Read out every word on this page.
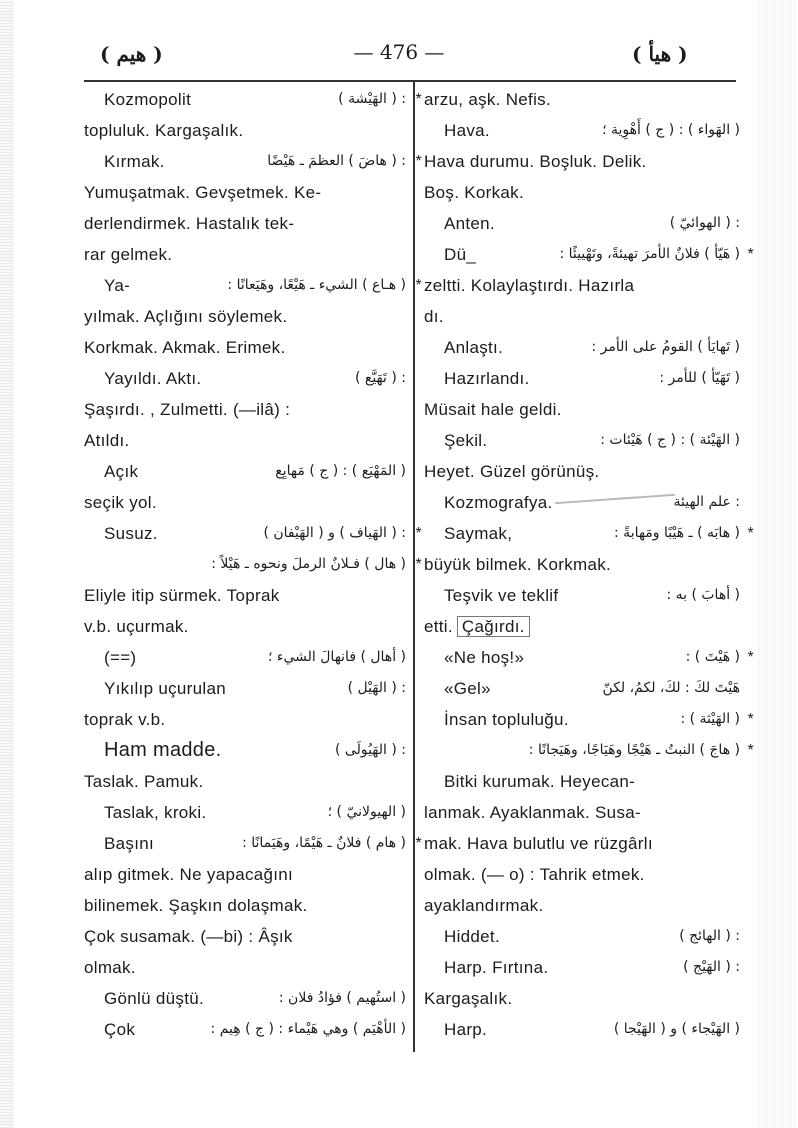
( هیم )	— 476 —	( هیأ )
Kozmopolit	: ( الهَيْشة ) *
topluluk. Kargaşalık.
Kırmak.	: ( هاضَ ) العظمَ ـ هَيْضًا *
Yumuşatmak. Gevşetmek. Ke-
derlendirmek. Hastalık tek-
rar gelmek.
Ya-	( هـاع ) الشيء ـ هَيْعًا، وهَيَعانًا : *
yılmak. Açlığını söylemek.
Korkmak. Akmak. Erimek.
Yayıldı. Aktı.	: ( تَهَيَّع )
Şaşırdı. , Zulmetti. (—ilâ) :
Atıldı.
Açık	( المَهْيَع ) : ( ج ) مَهايِع
seçik yol.
Susuz.	: ( الهَياف ) و ( الهَيْفان ) *
( هال ) فـلانٌ الرملَ ونحوه ـ هَيْلاً : *
Eliyle itip sürmek. Toprak
v.b. uçurmak.
(==)	( أهال ) فانهالَ الشيء ؛
Yıkılıp uçurulan	: ( الهَيْل )
toprak v.b.
Ham madde.	: ( الهَيُولَى )
Taslak. Pamuk.
Taslak, kroki.	( الهيولانيّ ) ؛
Başını	( هام ) فلانٌ ـ هَيْمًا، وهَيَمانًا : *
alıp gitmek. Ne yapacağını
bilinemek. Şaşkın dolaşmak.
Çok susamak. (—bi) : Âşık
olmak.
Gönlü düştü.	( استُهيم ) فؤادُ فلان :
Çok	( الأهْيَم ) وهي هَيْماء : ( ج ) هِيم :
arzu, aşk. Nefis.
Hava.	( الهَواء ) : ( ج ) أَهْوِية ؛
Hava durumu. Boşluk. Delik.
Boş. Korkak.
Anten.	: ( الهوائيّ )
Dü_	( هَيّأ ) فلانٌ الأمرَ تهيئةً، وتَهْييئًا : *
zeltti. Kolaylaştırdı. Hazırla
dı.
Anlaştı.	( تَهايَأ ) القومُ على الأمر :
Hazırlandı.	( تَهَيّأ ) للأمر :
Müsait hale geldi.
Şekil.	( الهَيْئة ) : ( ج ) هَيْئات :
Heyet. Güzel görünüş.
Kozmografya.	: علم الهيئة
Saymak,	( هابَه ) ـ هَيْبًا ومَهابةً : *
büyük bilmek. Korkmak.
Teşvik ve teklif	( أهابَ ) به :
etti. Çağırdı.
«Ne hoş!»	( هَيْتَ ) : *
«Gel»	هَيْتَ لكَ : لكَ، لكمُ، لكنّ
İnsan topluluğu.	( الهَيْثة ) : *
( هاجَ ) النبتُ ـ هَيْجًا وهَيَاجًا، وهَيَجانًا : *
Bitki kurumak. Heyecan-
lanmak. Ayaklanmak. Susa-
mak. Hava bulutlu ve rüzgârlı
olmak. (— o) : Tahrik etmek.
ayaklandırmak.
Hiddet.	: ( الهائج )
Harp. Fırtına.	: ( الهَيْج )
Kargaşalık.
Harp.	( الهَيْجاء ) و ( الهَيْجا )
